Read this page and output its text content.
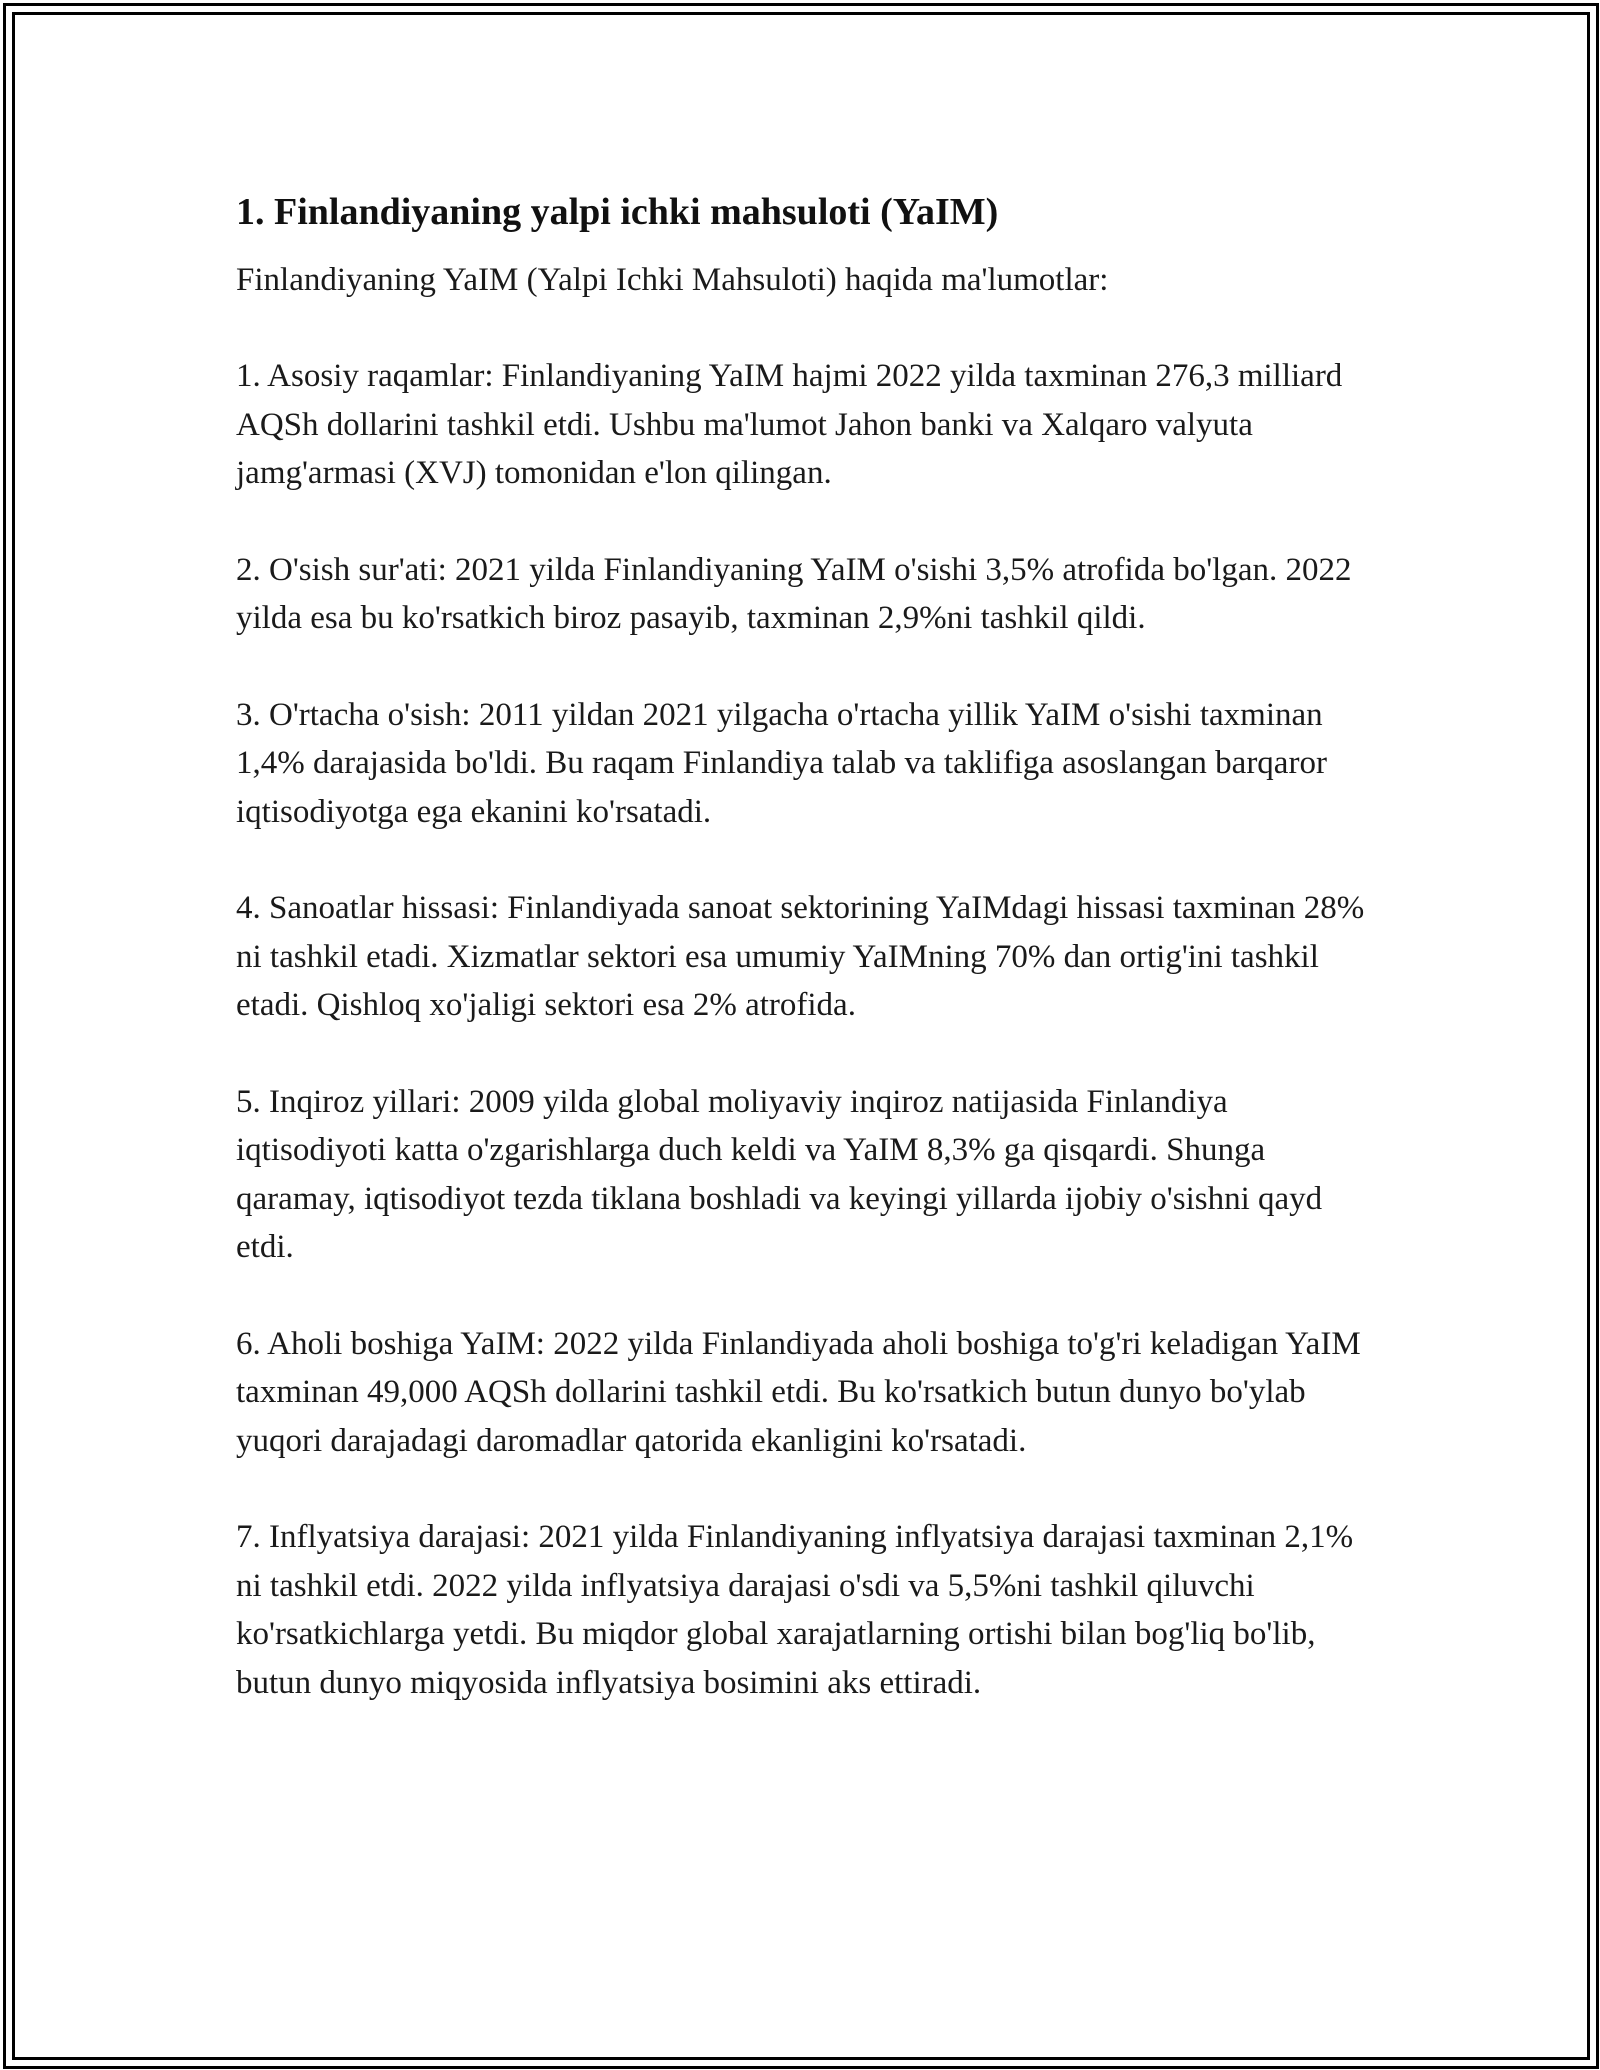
1. Finlandiyaning yalpi ichki mahsuloti (YaIM)

Finlandiyaning YaIM (Yalpi Ichki Mahsuloti) haqida ma'lumotlar:

1. Asosiy raqamlar: Finlandiyaning YaIM hajmi 2022 yilda taxminan 276,3 milliard AQSh dollarini tashkil etdi. Ushbu ma'lumot Jahon banki va Xalqaro valyuta jamg'armasi (XVJ) tomonidan e'lon qilingan.

2. O'sish sur'ati: 2021 yilda Finlandiyaning YaIM o'sishi 3,5% atrofida bo'lgan. 2022 yilda esa bu ko'rsatkich biroz pasayib, taxminan 2,9%ni tashkil qildi.

3. O'rtacha o'sish: 2011 yildan 2021 yilgacha o'rtacha yillik YaIM o'sishi taxminan 1,4% darajasida bo'ldi. Bu raqam Finlandiya talab va taklifiga asoslangan barqaror iqtisodiyotga ega ekanini ko'rsatadi.

4. Sanoatlar hissasi: Finlandiyada sanoat sektorining YaIMdagi hissasi taxminan 28% ni tashkil etadi. Xizmatlar sektori esa umumiy YaIMning 70% dan ortig'ini tashkil etadi. Qishloq xo'jaligi sektori esa 2% atrofida.

5. Inqiroz yillari: 2009 yilda global moliyaviy inqiroz natijasida Finlandiya iqtisodiyoti katta o'zgarishlarga duch keldi va YaIM 8,3% ga qisqardi. Shunga qaramay, iqtisodiyot tezda tiklana boshladi va keyingi yillarda ijobiy o'sishni qayd etdi.

6. Aholi boshiga YaIM: 2022 yilda Finlandiyada aholi boshiga to'g'ri keladigan YaIM taxminan 49,000 AQSh dollarini tashkil etdi. Bu ko'rsatkich butun dunyo bo'ylab yuqori darajadagi daromadlar qatorida ekanligini ko'rsatadi.

7. Inflyatsiya darajasi: 2021 yilda Finlandiyaning inflyatsiya darajasi taxminan 2,1% ni tashkil etdi. 2022 yilda inflyatsiya darajasi o'sdi va 5,5%ni tashkil qiluvchi ko'rsatkichlarga yetdi. Bu miqdor global xarajatlarning ortishi bilan bog'liq bo'lib, butun dunyo miqyosida inflyatsiya bosimini aks ettiradi.
